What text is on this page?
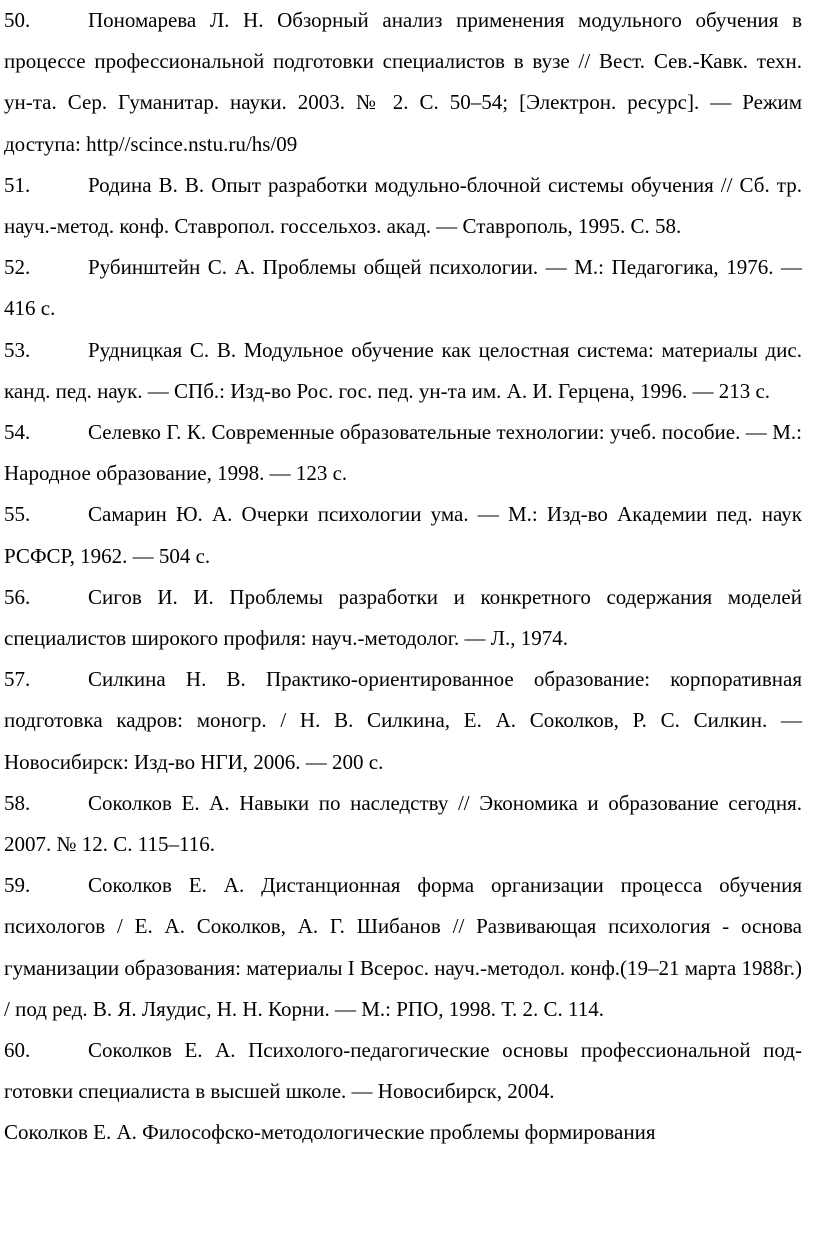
50.	Пономарева Л. Н. Обзорный анализ применения модульного обучения в процессе профессиональной подготовки специалистов в вузе // Вест. Сев.-Кавк. техн. ун-та. Сер. Гуманитар. науки. 2003. № 2. С. 50–54; [Электрон. ресурс]. — Режим доступа: http//scince.nstu.ru/hs/09
51.	Родина В. В. Опыт разработки модульно-блочной системы обучения // Сб. тр. науч.-метод. конф. Ставропол. госсельхоз. акад. — Ставрополь, 1995. С. 58.
52.	Рубинштейн С. А. Проблемы общей психологии. — М.: Педагогика, 1976. — 416 с.
53.	Рудницкая С. В. Модульное обучение как целостная система: материалы дис. канд. пед. наук. — СПб.: Изд-во Рос. гос. пед. ун-та им. А. И. Герцена, 1996. — 213 с.
54.	Селевко Г. К. Современные образовательные технологии: учеб. пособие. — М.: Народное образование, 1998. — 123 с.
55.	Самарин Ю. А. Очерки психологии ума. — М.: Изд-во Академии пед. наук РСФСР, 1962. — 504 с.
56.	Сигов И. И. Проблемы разработки и конкретного содержания моделей специалистов широкого профиля: науч.-методолог. — Л., 1974.
57.	Силкина Н. В. Практико-ориентированное образование: корпоративная подготовка кадров: моногр. / Н. В. Силкина, Е. А. Соколков, Р. С. Силкин. — Новосибирск: Изд-во НГИ, 2006. — 200 с.
58.	Соколков Е. А. Навыки по наследству // Экономика и образование сегодня. 2007. № 12. С. 115–116.
59.	Соколков Е. А. Дистанционная форма организации процесса обучения психологов / Е. А. Соколков, А. Г. Шибанов // Развивающая психология - основа гуманизации образования: материалы I Всерос. науч.-методол. конф.(19–21 марта 1988г.) / под ред. В. Я. Ляудис, Н. Н. Корни. — М.: РПО, 1998. Т. 2. С. 114.
60.	Соколков Е. А. Психолого-педагогические основы профессиональной под-готовки специалиста в высшей школе. — Новосибирск, 2004.
Соколков Е. А. Философско-методологические проблемы формирования
